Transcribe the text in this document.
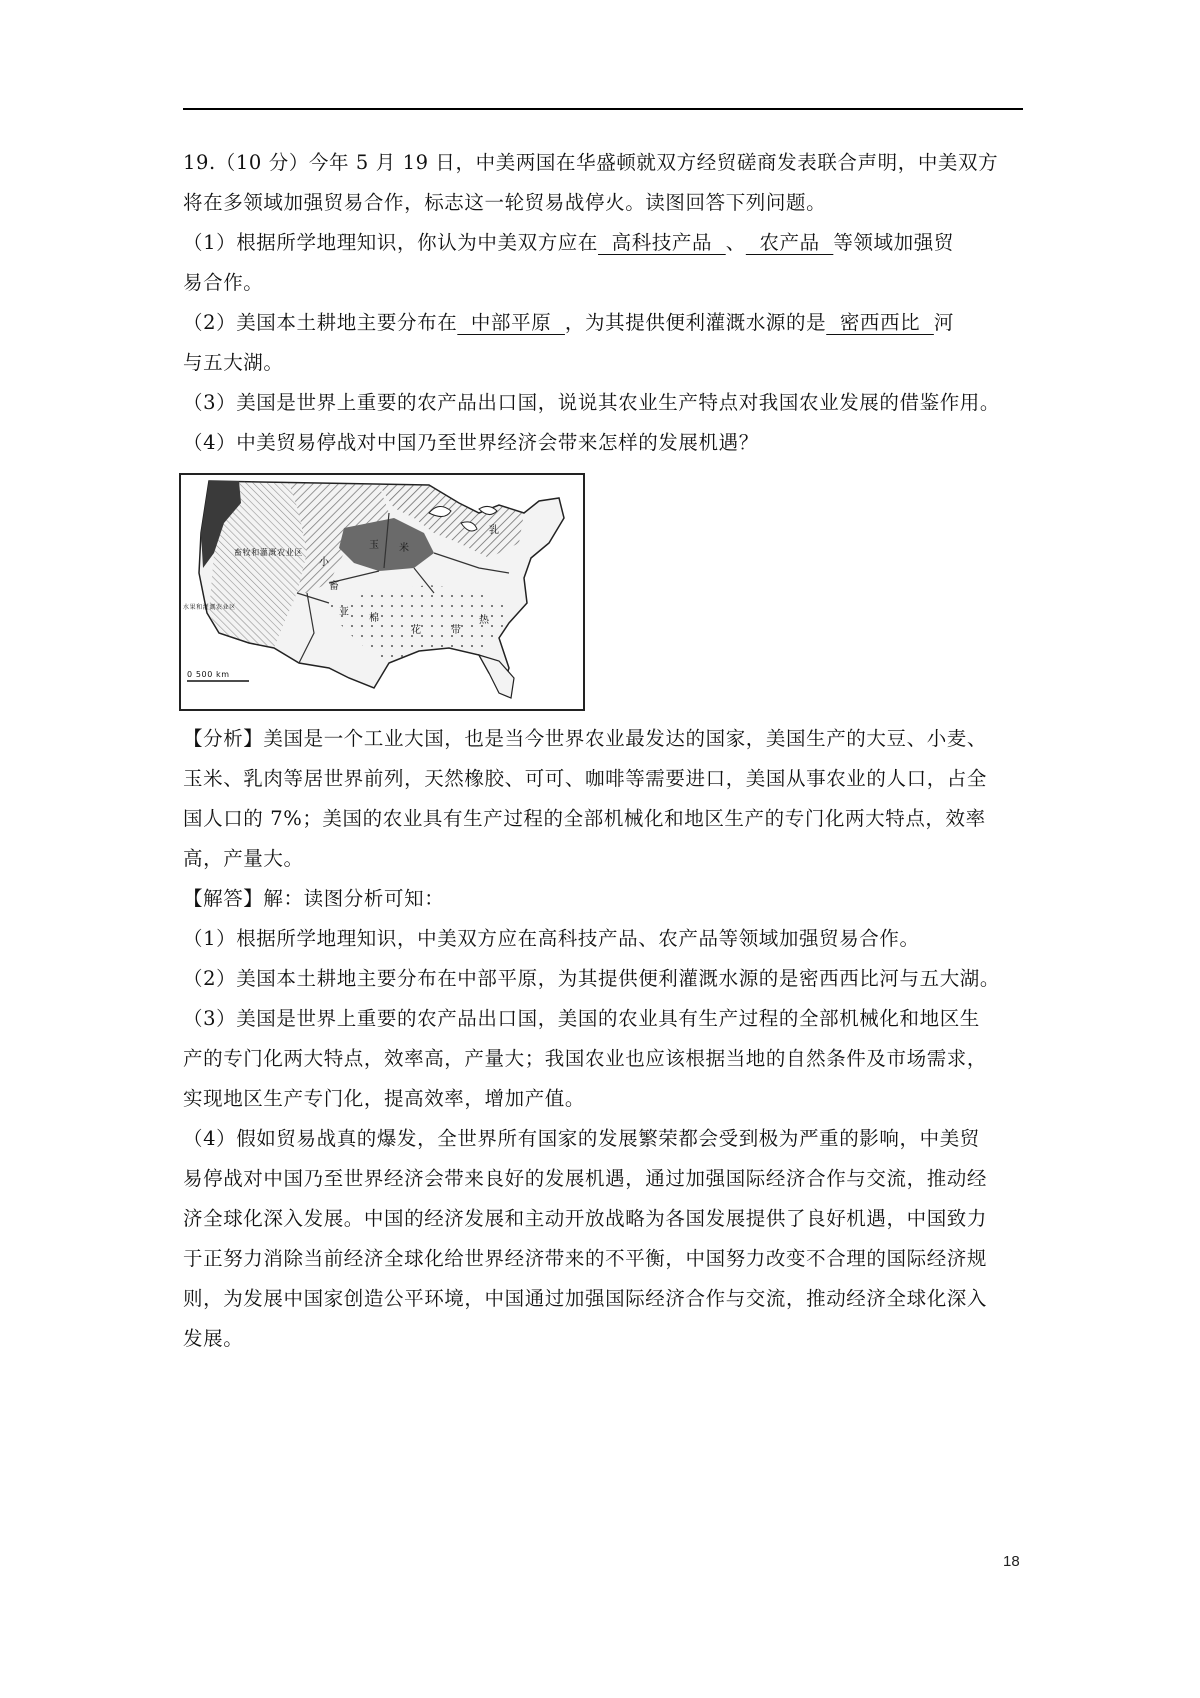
19.（10 分）今年 5 月 19 日，中美两国在华盛顿就双方经贸磋商发表联合声明，中美双方

将在多领域加强贸易合作，标志这一轮贸易战停火。读图回答下列问题。

（1）根据所学地理知识，你认为中美双方应在  高科技产品  、  农产品  等领域加强贸

易合作。

（2）美国本土耕地主要分布在  中部平原  ，为其提供便利灌溉水源的是  密西西比  河

与五大湖。

（3）美国是世界上重要的农产品出口国，说说其农业生产特点对我国农业发展的借鉴作用。

（4）中美贸易停战对中国乃至世界经济会带来怎样的发展机遇？

畜牧和灌溉农业区
水果和灌溉农业区
小
玉 米
棉
花	带
亚
热
乳
畜
0 500 km

【分析】美国是一个工业大国，也是当今世界农业最发达的国家，美国生产的大豆、小麦、

玉米、乳肉等居世界前列，天然橡胶、可可、咖啡等需要进口，美国从事农业的人口，占全

国人口的 7%；美国的农业具有生产过程的全部机械化和地区生产的专门化两大特点，效率

高，产量大。

【解答】解：读图分析可知：

（1）根据所学地理知识，中美双方应在高科技产品、农产品等领域加强贸易合作。

（2）美国本土耕地主要分布在中部平原，为其提供便利灌溉水源的是密西西比河与五大湖。

（3）美国是世界上重要的农产品出口国，美国的农业具有生产过程的全部机械化和地区生

产的专门化两大特点，效率高，产量大；我国农业也应该根据当地的自然条件及市场需求，

实现地区生产专门化，提高效率，增加产值。

（4）假如贸易战真的爆发，全世界所有国家的发展繁荣都会受到极为严重的影响，中美贸

易停战对中国乃至世界经济会带来良好的发展机遇，通过加强国际经济合作与交流，推动经

济全球化深入发展。中国的经济发展和主动开放战略为各国发展提供了良好机遇，中国致力

于正努力消除当前经济全球化给世界经济带来的不平衡，中国努力改变不合理的国际经济规

则，为发展中国家创造公平环境，中国通过加强国际经济合作与交流，推动经济全球化深入

发展。

18
